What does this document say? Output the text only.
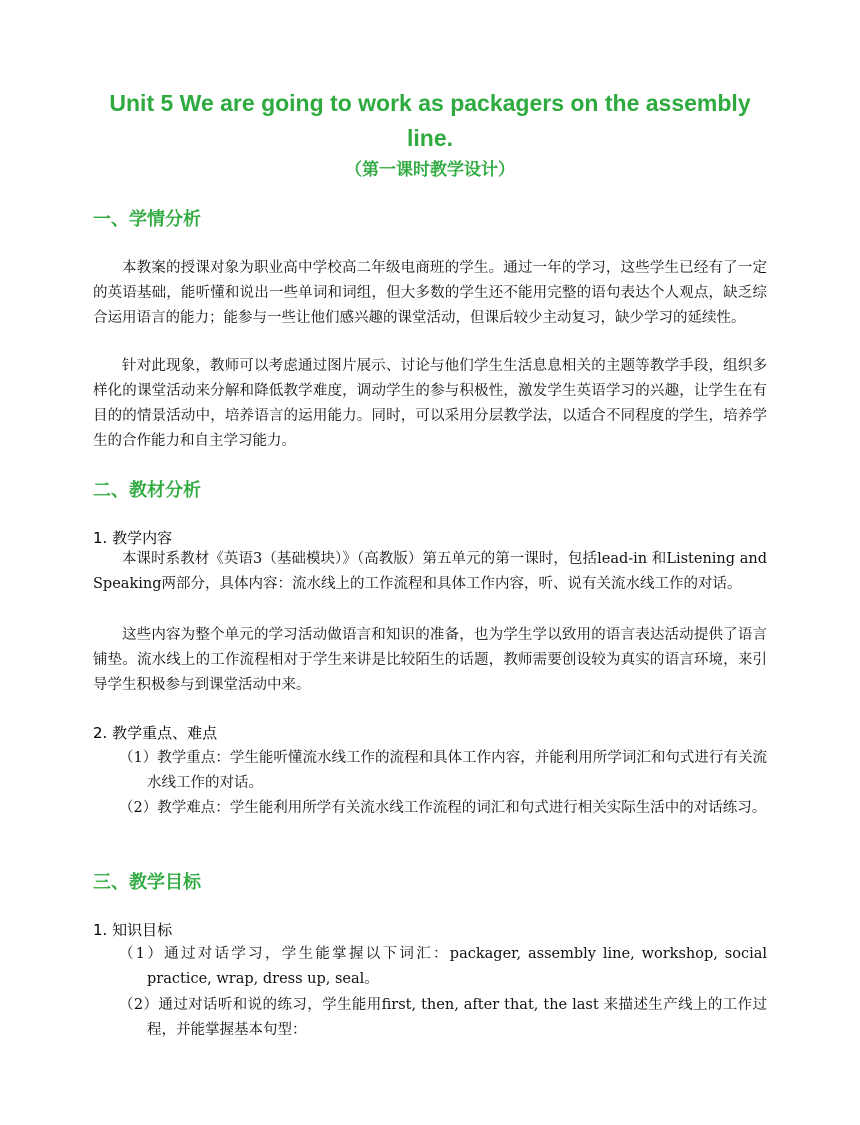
Unit 5 We are going to work as packagers on the assembly line.
（第一课时教学设计）
一、学情分析

本教案的授课对象为职业高中学校高二年级电商班的学生。通过一年的学习，这些学生已经有了一定的英语基础，能听懂和说出一些单词和词组，但大多数的学生还不能用完整的语句表达个人观点，缺乏综合运用语言的能力；能参与一些让他们感兴趣的课堂活动，但课后较少主动复习，缺少学习的延续性。

针对此现象，教师可以考虑通过图片展示、讨论与他们学生生活息息相关的主题等教学手段，组织多样化的课堂活动来分解和降低教学难度，调动学生的参与积极性，激发学生英语学习的兴趣，让学生在有目的的情景活动中，培养语言的运用能力。同时，可以采用分层教学法，以适合不同程度的学生，培养学生的合作能力和自主学习能力。

二、教材分析
1. 教学内容

本课时系教材《英语3（基础模块）》（高教版）第五单元的第一课时，包括lead-in 和Listening and Speaking两部分，具体内容：流水线上的工作流程和具体工作内容，听、说有关流水线工作的对话。

这些内容为整个单元的学习活动做语言和知识的准备，也为学生学以致用的语言表达活动提供了语言铺垫。流水线上的工作流程相对于学生来讲是比较陌生的话题，教师需要创设较为真实的语言环境，来引导学生积极参与到课堂活动中来。

2. 教学重点、难点

（1）教学重点：学生能听懂流水线工作的流程和具体工作内容，并能利用所学词汇和句式进行有关流水线工作的对话。

（2）教学难点：学生能利用所学有关流水线工作流程的词汇和句式进行相关实际生活中的对话练习。

三、教学目标
1. 知识目标

（1）通过对话学习，学生能掌握以下词汇：packager, assembly line, workshop, social practice, wrap, dress up, seal。

（2）通过对话听和说的练习，学生能用first, then, after that, the last 来描述生产线上的工作过程，并能掌握基本句型：
